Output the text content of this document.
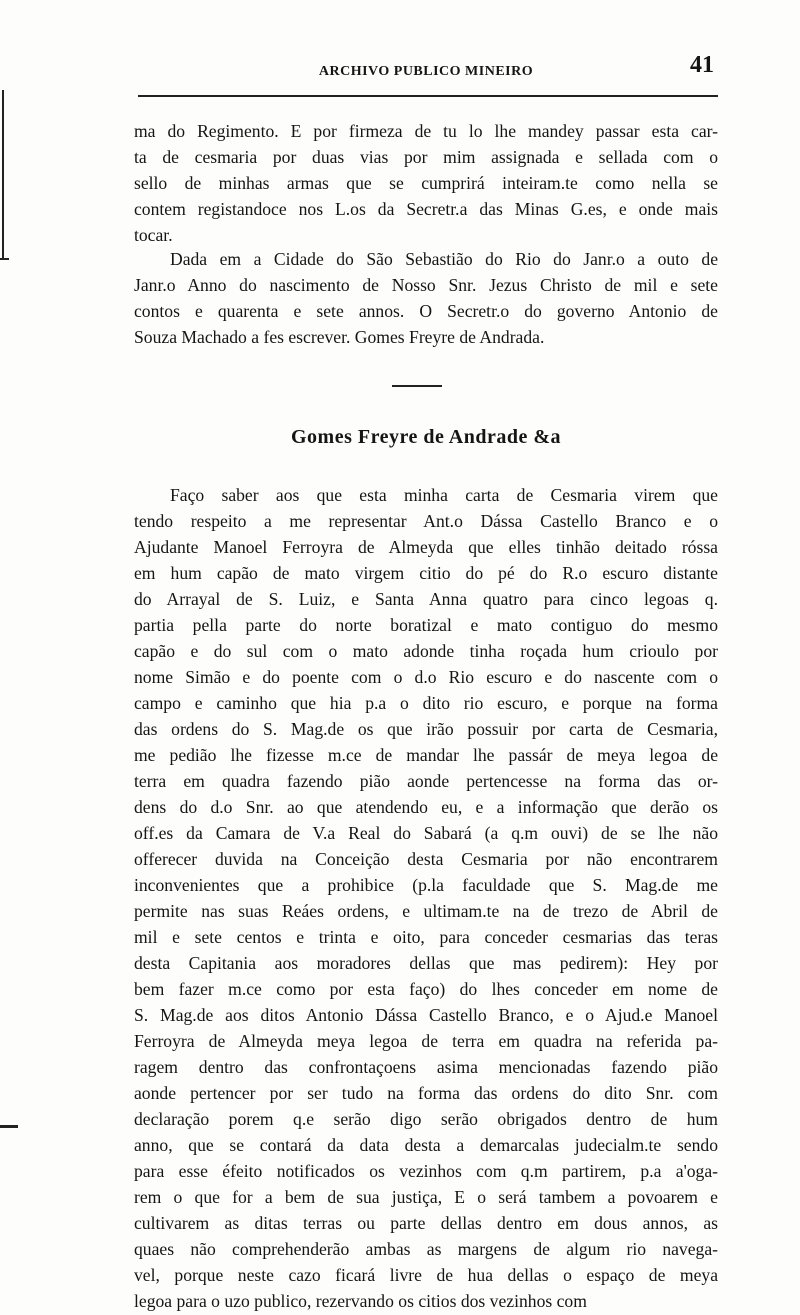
ARCHIVO PUBLICO MINEIRO	41
ma do Regimento. E por firmeza de tu lo lhe mandey passar esta car-
ta de cesmaria por duas vias por mim assignada e sellada com o
sello de minhas armas que se cumprirá inteiram.te como nella se
contem registandoce nos L.os da Secretr.a das Minas G.es, e onde mais
tocar.
Dada em a Cidade do São Sebastião do Rio do Janr.o a outo de
Janr.o Anno do nascimento de Nosso Snr. Jezus Christo de mil e sete
contos e quarenta e sete annos. O Secretr.o do governo Antonio de
Souza Machado a fes escrever. Gomes Freyre de Andrada.
Gomes Freyre de Andrade &a
Faço saber aos que esta minha carta de Cesmaria virem que
tendo respeito a me representar Ant.o Dássa Castello Branco e o
Ajudante Manoel Ferroyra de Almeyda que elles tinhão deitado róssa
em hum capão de mato virgem citio do pé do R.o escuro distante
do Arrayal de S. Luiz, e Santa Anna quatro para cinco legoas q.
partia pella parte do norte boratizal e mato contiguo do mesmo
capão e do sul com o mato adonde tinha roçada hum crioulo por
nome Simão e do poente com o d.o Rio escuro e do nascente com o
campo e caminho que hia p.a o dito rio escuro, e porque na forma
das ordens do S. Mag.de os que irão possuir por carta de Cesmaria,
me pedião lhe fizesse m.ce de mandar lhe passár de meya legoa de
terra em quadra fazendo pião aonde pertencesse na forma das or-
dens do d.o Snr. ao que atendendo eu, e a informação que derão os
off.es da Camara de V.a Real do Sabará (a q.m ouvi) de se lhe não
offerecer duvida na Conceição desta Cesmaria por não encontrarem
inconvenientes que a prohibice (p.la faculdade que S. Mag.de me
permite nas suas Reáes ordens, e ultimam.te na de trezo de Abril de
mil e sete centos e trinta e oito, para conceder cesmarias das teras
desta Capitania aos moradores dellas que mas pedirem): Hey por
bem fazer m.ce como por esta faço) do lhes conceder em nome de
S. Mag.de aos ditos Antonio Dássa Castello Branco, e o Ajud.e Manoel
Ferroyra de Almeyda meya legoa de terra em quadra na referida pa-
ragem dentro das confrontaçoens asima mencionadas fazendo pião
aonde pertencer por ser tudo na forma das ordens do dito Snr. com
declaração porem q.e serão digo serão obrigados dentro de hum
anno, que se contará da data desta a demarcalas judecialm.te sendo
para esse éfeito notificados os vezinhos com q.m partirem, p.a a'oga-
rem o que for a bem de sua justiça, E o será tambem a povoarem e
cultivarem as ditas terras ou parte dellas dentro em dous annos, as
quaes não comprehenderão ambas as margens de algum rio navega-
vel, porque neste cazo ficará livre de hua dellas o espaço de meya
legoa para o uzo publico, rezervando os citios dos vezinhos com
